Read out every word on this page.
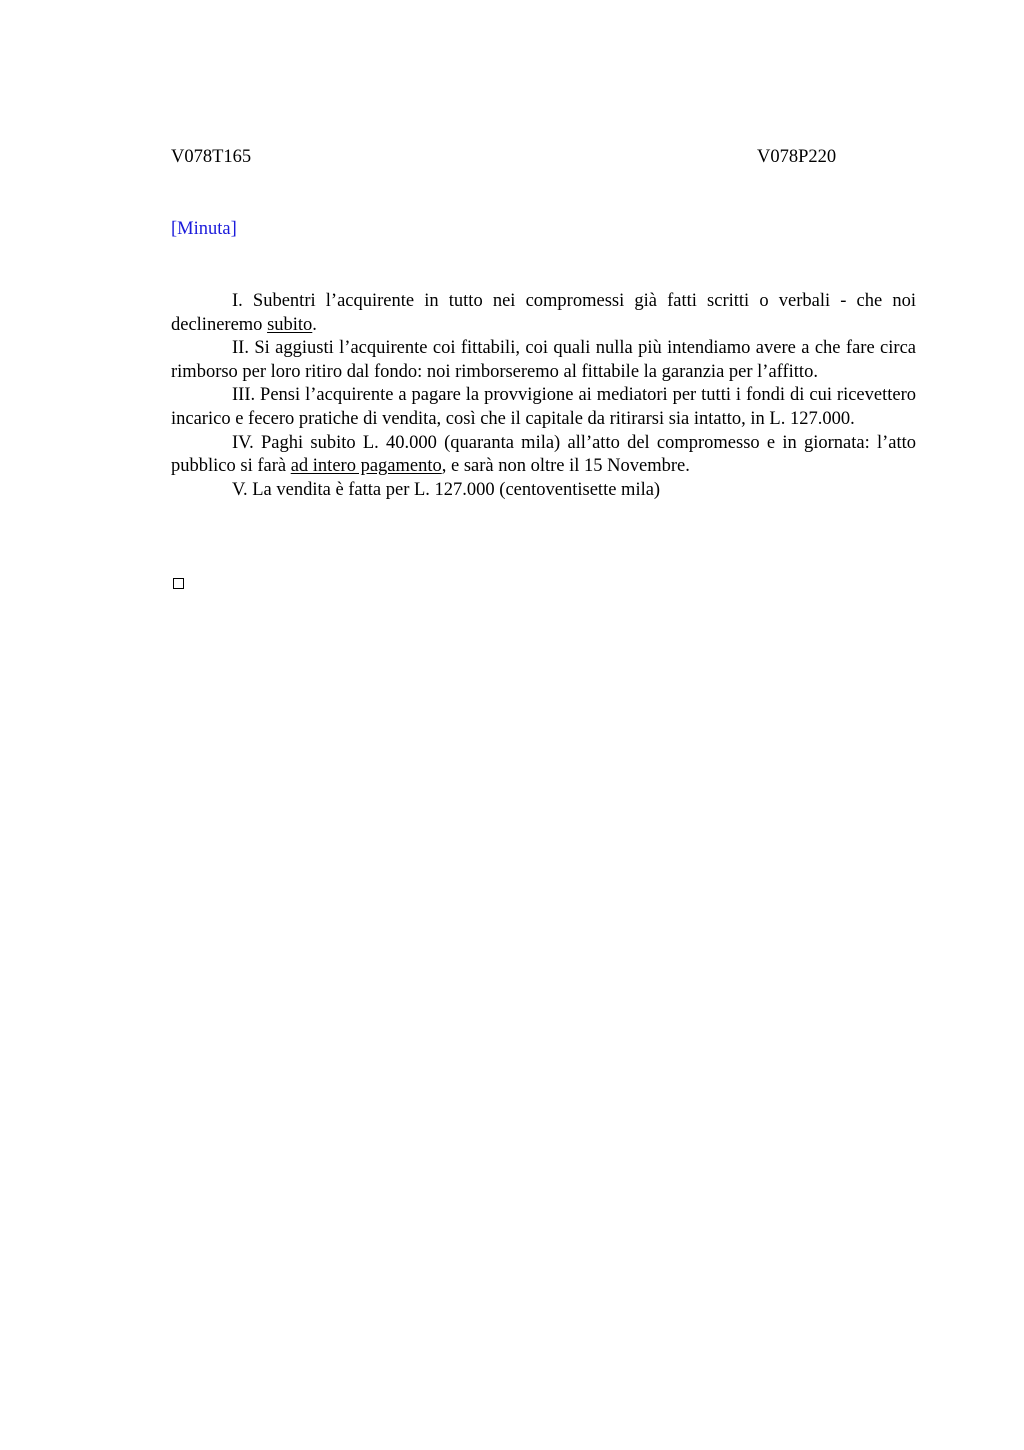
V078T165	V078P220
[Minuta]

I. Subentri l’acquirente in tutto nei compromessi già fatti scritti o verbali - che noi declineremo subito.

II. Si aggiusti l’acquirente coi fittabili, coi quali nulla più intendiamo avere a che fare circa rimborso per loro ritiro dal fondo: noi rimborseremo al fittabile la garanzia per l’affitto.

III. Pensi l’acquirente a pagare la provvigione ai mediatori per tutti i fondi di cui ricevettero incarico e fecero pratiche di vendita, così che il capitale da ritirarsi sia intatto, in L. 127.000.

IV. Paghi subito L. 40.000 (quaranta mila) all’atto del compromesso e in giornata: l’atto pubblico si farà ad intero pagamento, e sarà non oltre il 15 Novembre.

V. La vendita è fatta per L. 127.000 (centoventisette mila)
